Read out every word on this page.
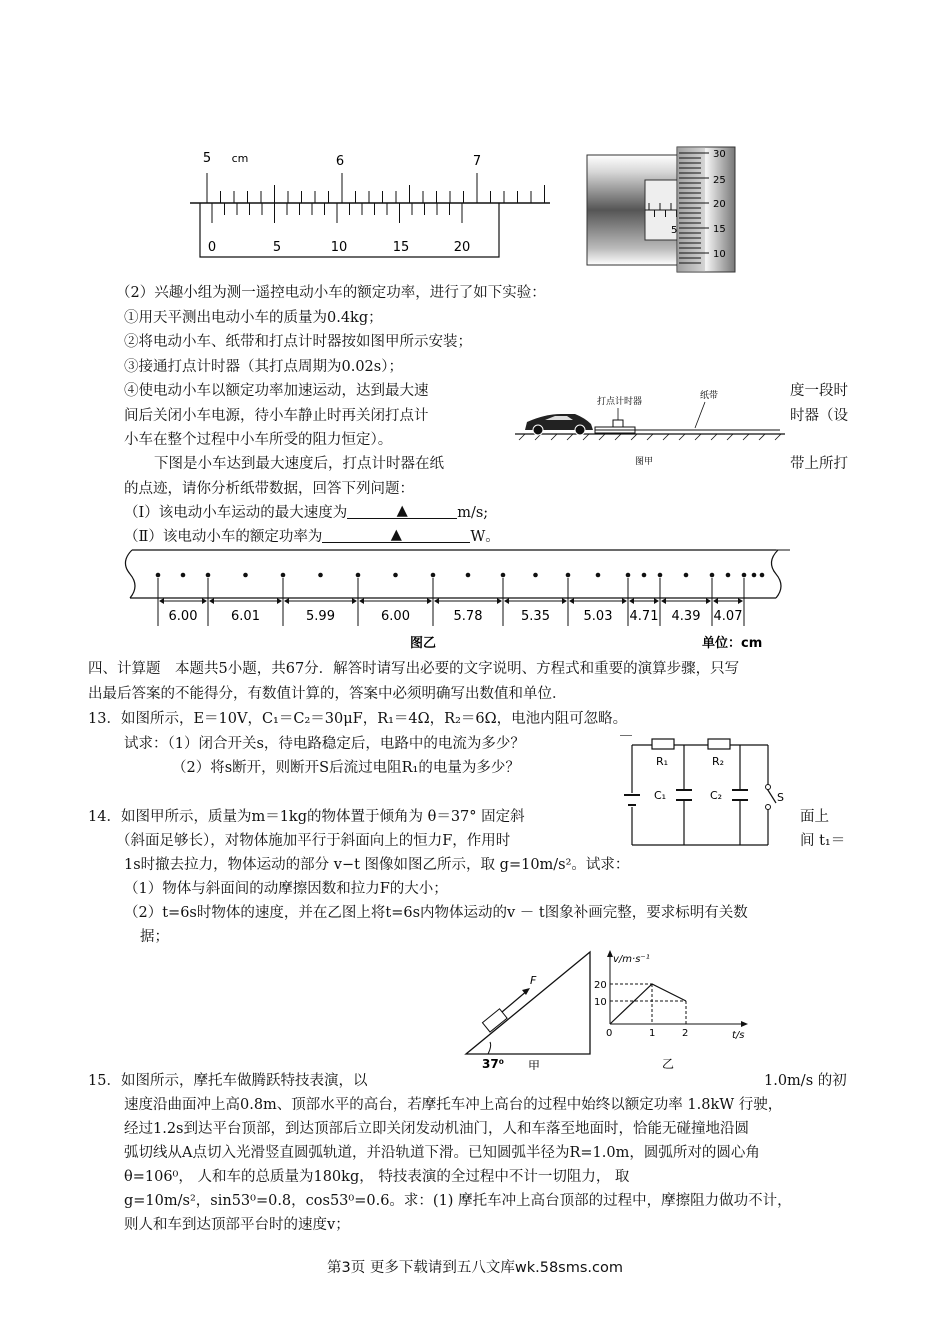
5 cm	6	7
0	5	10	15	20
5
30
25
20
15
10
（2）兴趣小组为测一遥控电动小车的额定功率，进行了如下实验：
①用天平测出电动小车的质量为0.4kg；
②将电动小车、纸带和打点计时器按如图甲所示安装；
③接通打点计时器（其打点周期为0.02s）；
④使电动小车以额定功率加速运动，达到最大速	度一段时
间后关闭小车电源，待小车静止时再关闭打点计	时器（设
小车在整个过程中小车所受的阻力恒定）。
下图是小车达到最大速度后，打点计时器在纸	带上所打
的点迹，请你分析纸带数据，回答下列问题：
（Ⅰ）该电动小车运动的最大速度为	▲	m/s;
（Ⅱ）该电动小车的额定功率为	▲	W。
打点计时器
纸带
图甲
6.00	6.01	5.99	6.00	5.78	5.35	5.03 4.71 4.39 4.07
图乙	单位：cm
四、计算题　本题共5小题，共67分．解答时请写出必要的文字说明、方程式和重要的演算步骤，只写
出最后答案的不能得分，有数值计算的，答案中必须明确写出数值和单位．
13．如图所示，E＝10V，C₁＝C₂＝30μF，R₁＝4Ω，R₂＝6Ω，电池内阻可忽略。
试求：（1）闭合开关s，待电路稳定后，电路中的电流为多少？
（2）将s断开，则断开S后流过电阻R₁的电量为多少？	R₁	R₂
C₁	C₂	S
14．如图甲所示，质量为m＝1kg的物体置于倾角为 θ＝37° 固定斜	面上
（斜面足够长），对物体施加平行于斜面向上的恒力F，作用时	间 t₁＝
1s时撤去拉力，物体运动的部分 v−t 图像如图乙所示，取 g=10m/s²。试求：
（1）物体与斜面间的动摩擦因数和拉力F的大小；
（2）t=6s时物体的速度，并在乙图上将t=6s内物体运动的v － t图象补画完整，要求标明有关数
据；
F
37⁰ 甲
v/m·s⁻¹
t/s
20
10
0	1	2
乙
15．如图所示，摩托车做腾跃特技表演，以	1.0m/s 的初
速度沿曲面冲上高0.8m、顶部水平的高台，若摩托车冲上高台的过程中始终以额定功率 1.8kW 行驶，
经过1.2s到达平台顶部，到达顶部后立即关闭发动机油门，人和车落至地面时，恰能无碰撞地沿圆
弧切线从A点切入光滑竖直圆弧轨道，并沿轨道下滑。已知圆弧半径为R=1.0m，圆弧所对的圆心角
θ=106⁰， 人和车的总质量为180kg， 特技表演的全过程中不计一切阻力， 取
g=10m/s²，sin53⁰=0.8，cos53⁰=0.6。求：(1) 摩托车冲上高台顶部的过程中，摩擦阻力做功不计，
则人和车到达顶部平台时的速度v；
第3页 更多下载请到五八文库wk.58sms.com
